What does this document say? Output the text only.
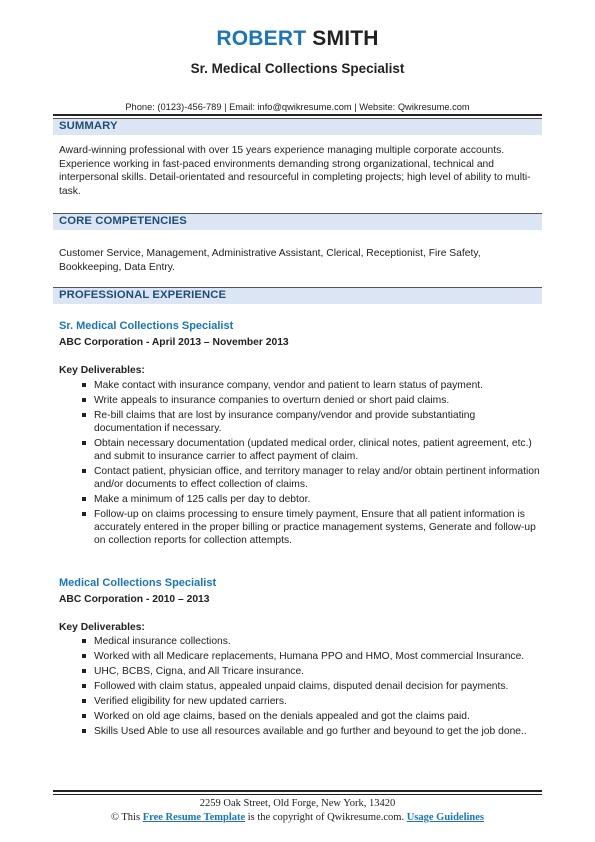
ROBERT SMITH
Sr. Medical Collections Specialist
Phone: (0123)-456-789 | Email: info@qwikresume.com | Website: Qwikresume.com
SUMMARY
Award-winning professional with over 15 years experience managing multiple corporate accounts. Experience working in fast-paced environments demanding strong organizational, technical and interpersonal skills. Detail-orientated and resourceful in completing projects; high level of ability to multi-task.
CORE COMPETENCIES
Customer Service, Management, Administrative Assistant, Clerical, Receptionist, Fire Safety, Bookkeeping, Data Entry.
PROFESSIONAL EXPERIENCE
Sr. Medical Collections Specialist
ABC Corporation - April 2013 – November 2013
Key Deliverables:
Make contact with insurance company, vendor and patient to learn status of payment.
Write appeals to insurance companies to overturn denied or short paid claims.
Re-bill claims that are lost by insurance company/vendor and provide substantiating documentation if necessary.
Obtain necessary documentation (updated medical order, clinical notes, patient agreement, etc.) and submit to insurance carrier to affect payment of claim.
Contact patient, physician office, and territory manager to relay and/or obtain pertinent information and/or documents to effect collection of claims.
Make a minimum of 125 calls per day to debtor.
Follow-up on claims processing to ensure timely payment, Ensure that all patient information is accurately entered in the proper billing or practice management systems, Generate and follow-up on collection reports for collection attempts.
Medical Collections Specialist
ABC Corporation - 2010 – 2013
Key Deliverables:
Medical insurance collections.
Worked with all Medicare replacements, Humana PPO and HMO, Most commercial Insurance.
UHC, BCBS, Cigna, and All Tricare insurance.
Followed with claim status, appealed unpaid claims, disputed denail decision for payments.
Verified eligibility for new updated carriers.
Worked on old age claims, based on the denials appealed and got the claims paid.
Skills Used Able to use all resources available and go further and beyound to get the job done..
2259 Oak Street, Old Forge, New York, 13420
© This Free Resume Template is the copyright of Qwikresume.com. Usage Guidelines
